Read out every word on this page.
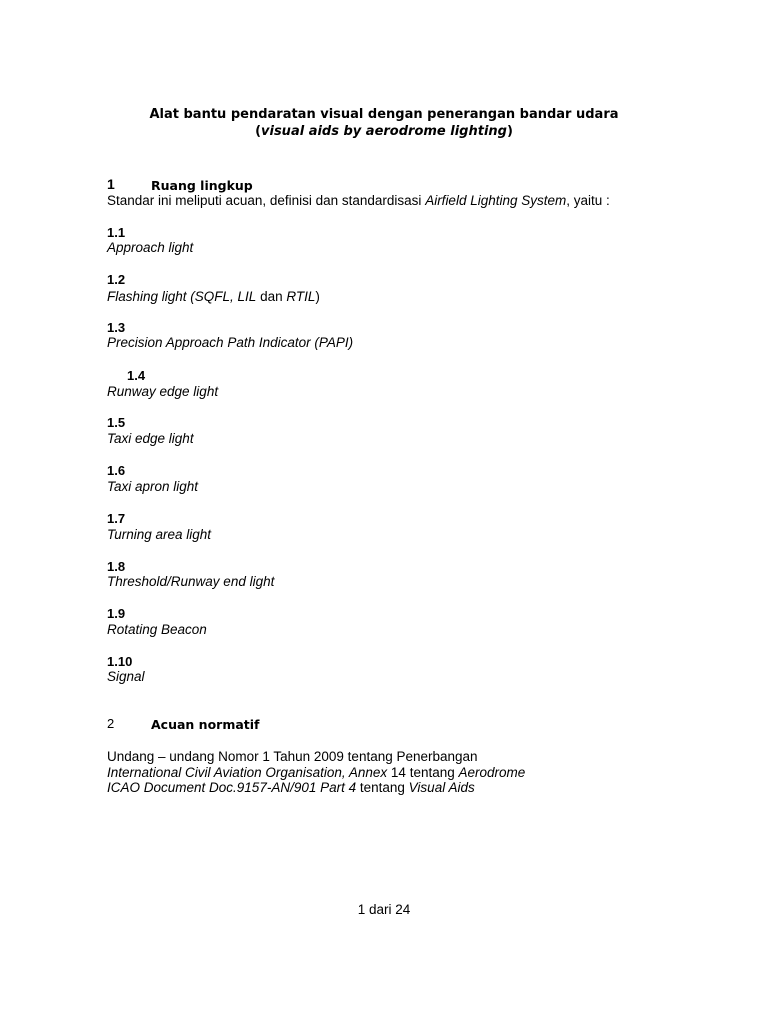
Alat bantu pendaratan visual dengan penerangan bandar udara
(visual aids by aerodrome lighting)
1	Ruang lingkup
Standar ini meliputi acuan, definisi dan standardisasi Airfield Lighting System, yaitu :
1.1
Approach light
1.2
Flashing light (SQFL, LIL dan RTIL)
1.3
Precision Approach Path Indicator (PAPI)
1.4
Runway edge light
1.5
Taxi edge light
1.6
Taxi apron light
1.7
Turning area light
1.8
Threshold/Runway end light
1.9
Rotating Beacon
1.10
Signal
2	Acuan normatif
Undang – undang Nomor 1 Tahun 2009 tentang Penerbangan
International Civil Aviation Organisation, Annex 14 tentang Aerodrome
ICAO Document Doc.9157-AN/901 Part 4 tentang Visual Aids
1 dari 24
